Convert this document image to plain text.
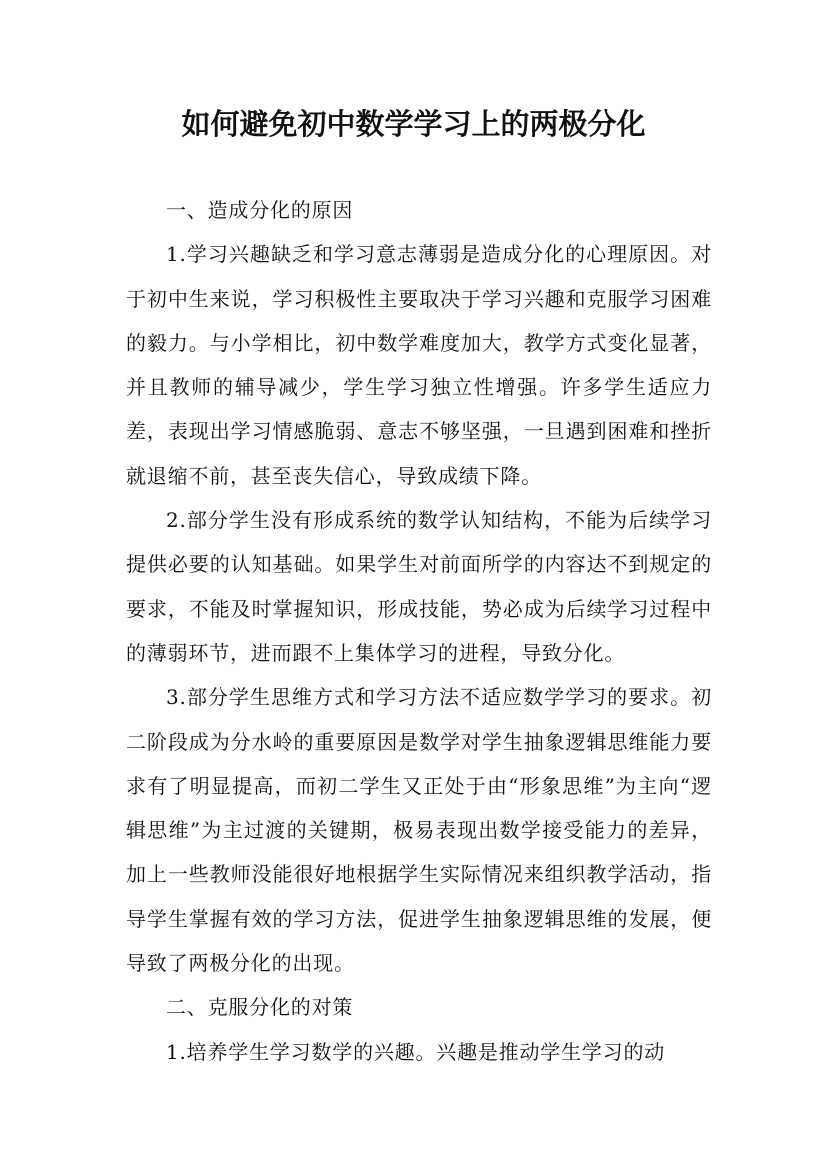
如何避免初中数学学习上的两极分化

一、造成分化的原因

1.学习兴趣缺乏和学习意志薄弱是造成分化的心理原因。对于初中生来说，学习积极性主要取决于学习兴趣和克服学习困难的毅力。与小学相比，初中数学难度加大，教学方式变化显著，并且教师的辅导减少，学生学习独立性增强。许多学生适应力差，表现出学习情感脆弱、意志不够坚强，一旦遇到困难和挫折就退缩不前，甚至丧失信心，导致成绩下降。

2.部分学生没有形成系统的数学认知结构，不能为后续学习提供必要的认知基础。如果学生对前面所学的内容达不到规定的要求，不能及时掌握知识，形成技能，势必成为后续学习过程中的薄弱环节，进而跟不上集体学习的进程，导致分化。

3.部分学生思维方式和学习方法不适应数学学习的要求。初二阶段成为分水岭的重要原因是数学对学生抽象逻辑思维能力要求有了明显提高，而初二学生又正处于由“形象思维”为主向“逻辑思维”为主过渡的关键期，极易表现出数学接受能力的差异，加上一些教师没能很好地根据学生实际情况来组织教学活动，指导学生掌握有效的学习方法，促进学生抽象逻辑思维的发展，便导致了两极分化的出现。

二、克服分化的对策

1.培养学生学习数学的兴趣。兴趣是推动学生学习的动
